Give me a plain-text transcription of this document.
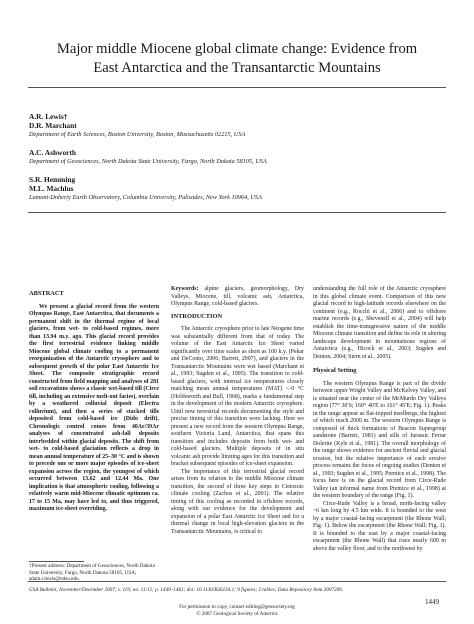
Major middle Miocene global climate change: Evidence from
East Antarctica and the Transantarctic Mountains
A.R. Lewis†
D.R. Marchant
Department of Earth Sciences, Boston University, Boston, Massachusetts 02215, USA
A.C. Ashworth
Department of Geosciences, North Dakota State University, Fargo, North Dakota 58105, USA
S.R. Hemming
M.L. Machlus
Lamont-Doherty Earth Observatory, Columbia University, Palisades, New York 10964, USA
ABSTRACT

We present a glacial record from the western Olympus Range, East Antarctica, that documents a permanent shift in the thermal regime of local glaciers, from wet- to cold-based regimes, more than 13.94 m.y. ago. This glacial record provides the first terrestrial evidence linking middle Miocene global climate cooling to a permanent reorganization of the Antarctic cryosphere and to subsequent growth of the polar East Antarctic Ice Sheet. The composite stratigraphic record constructed from field mapping and analyses of 281 soil excavations shows a classic wet-based till (Circe till, including an extensive melt-out facies), overlain by a weathered colluvial deposit (Electra colluvium), and then a series of stacked tills deposited from cold-based ice (Dido drift). Chronologic control comes from 40Ar/39Ar analyses of concentrated ash-fall deposits interbedded within glacial deposits. The shift from wet- to cold-based glaciation reflects a drop in mean annual temperature of 25–30 °C and is shown to precede one or more major episodes of ice-sheet expansion across the region, the youngest of which occurred between 13.62 and 12.44 Ma. One implication is that atmospheric cooling, following a relatively warm mid-Miocene climatic optimum ca. 17 to 15 Ma, may have led to, and thus triggered, maximum ice-sheet overriding.

†Present address: Department of Geosciences, North Dakota State University, Fargo, North Dakota 58105, USA; adam.r.lewis@ndsu.edu.

Keywords: alpine glaciers, geomorphology, Dry Valleys, Miocene, till, volcanic ash, Antarctica, Olympus Range, cold-based glaciers.

INTRODUCTION

The Antarctic cryosphere prior to late Neogene time was substantially different from that of today. The volume of the East Antarctic Ice Sheet varied significantly over time scales as short as 100 k.y. (Pekar and DeConto, 2006; Barrett, 2007), and glaciers in the Transantarctic Mountains were wet based (Marchant et al., 1993; Sugden et al., 1995). The transition to cold-based glaciers, with internal ice temperatures closely matching mean annual temperatures (MAT) <-0 °C (Holdsworth and Bull, 1968), marks a fundamental step in the development of the modern Antarctic cryosphere. Until now terrestrial records documenting the style and precise timing of this transition were lacking. Here we present a new record from the western Olympus Range, southern Victoria Land, Antarctica, that spans this transition and includes deposits from both wet- and cold-based glaciers. Multiple deposits of in situ volcanic ash provide limiting ages for this transition and bracket subsequent episodes of ice-sheet expansion.

The importance of this terrestrial glacial record arises from its relation to the middle Miocene climate transition, the second of three key steps in Cenozoic climate cooling (Zachos et al., 2001). The relative timing of this cooling as recorded in offshore records, along with our evidence for the development and expansion of a polar East Antarctic Ice Sheet and for a thermal change in local high-elevation glaciers in the Transantarctic Mountains, is critical to

understanding the full role of the Antarctic cryosphere in this global climate event. Comparison of this new glacial record to high-latitude records elsewhere on the continent (e.g., Rocchi et al., 2006) and to offshore marine records (e.g., Shevenell et al., 2004) will help establish the time-transgressive nature of the middle Miocene climate transition and define its role in altering landscape development in mountainous regions of Antarctica (e.g., Hicock et al., 2003; Sugden and Denton, 2004; Stern et al., 2005).

Physical Setting

The western Olympus Range is part of the divide between upper Wright Valley and McKelvey Valley, and is situated near the center of the McMurdo Dry Valleys region (77° 30′S; 160° 40′E to 161° 45′E; Fig. 1). Peaks in the range appear as flat-topped inselbergs, the highest of which reach 2000 m. The western Olympus Range is composed of thick formations of Beacon Supergroup sandstone (Barrett, 1981) and sills of Jurassic Ferrar Dolerite (Kyle et al., 1981). The overall morphology of the range shows evidence for ancient fluvial and glacial erosion, but the relative importance of each erosive process remains the focus of ongoing studies (Denton et al., 1993; Sugden et al., 1995; Prentice et al., 1998). The focus here is on the glacial record from Circe-Rude Valley (an informal name from Prentice et al., 1998) at the western boundary of the range (Fig. 1).

Circe-Rude Valley is a broad, north-facing valley ~6 km long by 4.5 km wide. It is bounded to the west by a major coastal-facing escarpment (the Rhone Wall; Fig. 1). Below the escarpment (the Rhone Wall; Fig. 1). It is bounded to the east by a major coastal-facing escarpment (the Rhone Wall) that rises nearly 600 m above the valley floor, and to the northwest by

GSA Bulletin; November/December 2007; v. 119; no. 11/12; p. 1449–1461; doi: 10.1130/B26134.1; 9 figures; 2 tables; Data Repository Item 2007206.
For permission to copy, contact editing@geosociety.org
© 2007 Geological Society of America
1449
